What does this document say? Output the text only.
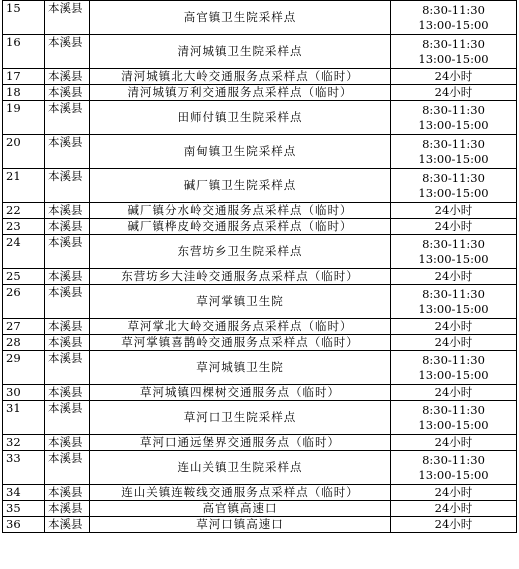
15	本溪县	高官镇卫生院采样点	8:30-11:30
13:00-15:00

16	本溪县	清河城镇卫生院采样点	8:30-11:30
13:00-15:00

17	本溪县	清河城镇北大岭交通服务点采样点（临时）	24小时

18	本溪县	清河城镇万利交通服务点采样点（临时）	24小时

19	本溪县	田师付镇卫生院采样点	8:30-11:30
13:00-15:00

20	本溪县	南甸镇卫生院采样点	8:30-11:30
13:00-15:00

21	本溪县	碱厂镇卫生院采样点	8:30-11:30
13:00-15:00

22	本溪县	碱厂镇分水岭交通服务点采样点（临时）	24小时

23	本溪县	碱厂镇桦皮岭交通服务点采样点（临时）	24小时

24	本溪县	东营坊乡卫生院采样点	8:30-11:30
13:00-15:00

25	本溪县	东营坊乡大洼岭交通服务点采样点（临时）	24小时

26	本溪县	草河掌镇卫生院	8:30-11:30
13:00-15:00

27	本溪县	草河掌北大岭交通服务点采样点（临时）	24小时

28	本溪县	草河掌镇喜鹊岭交通服务点采样点（临时）	24小时

29	本溪县	草河城镇卫生院	8:30-11:30
13:00-15:00

30	本溪县	草河城镇四棵树交通服务点（临时）	24小时

31	本溪县	草河口卫生院采样点	8:30-11:30
13:00-15:00

32	本溪县	草河口通远堡界交通服务点（临时）	24小时

33	本溪县	连山关镇卫生院采样点	8:30-11:30
13:00-15:00

34	本溪县	连山关镇连鞍线交通服务点采样点（临时）	24小时

35	本溪县	高官镇高速口	24小时

36	本溪县	草河口镇高速口	24小时
